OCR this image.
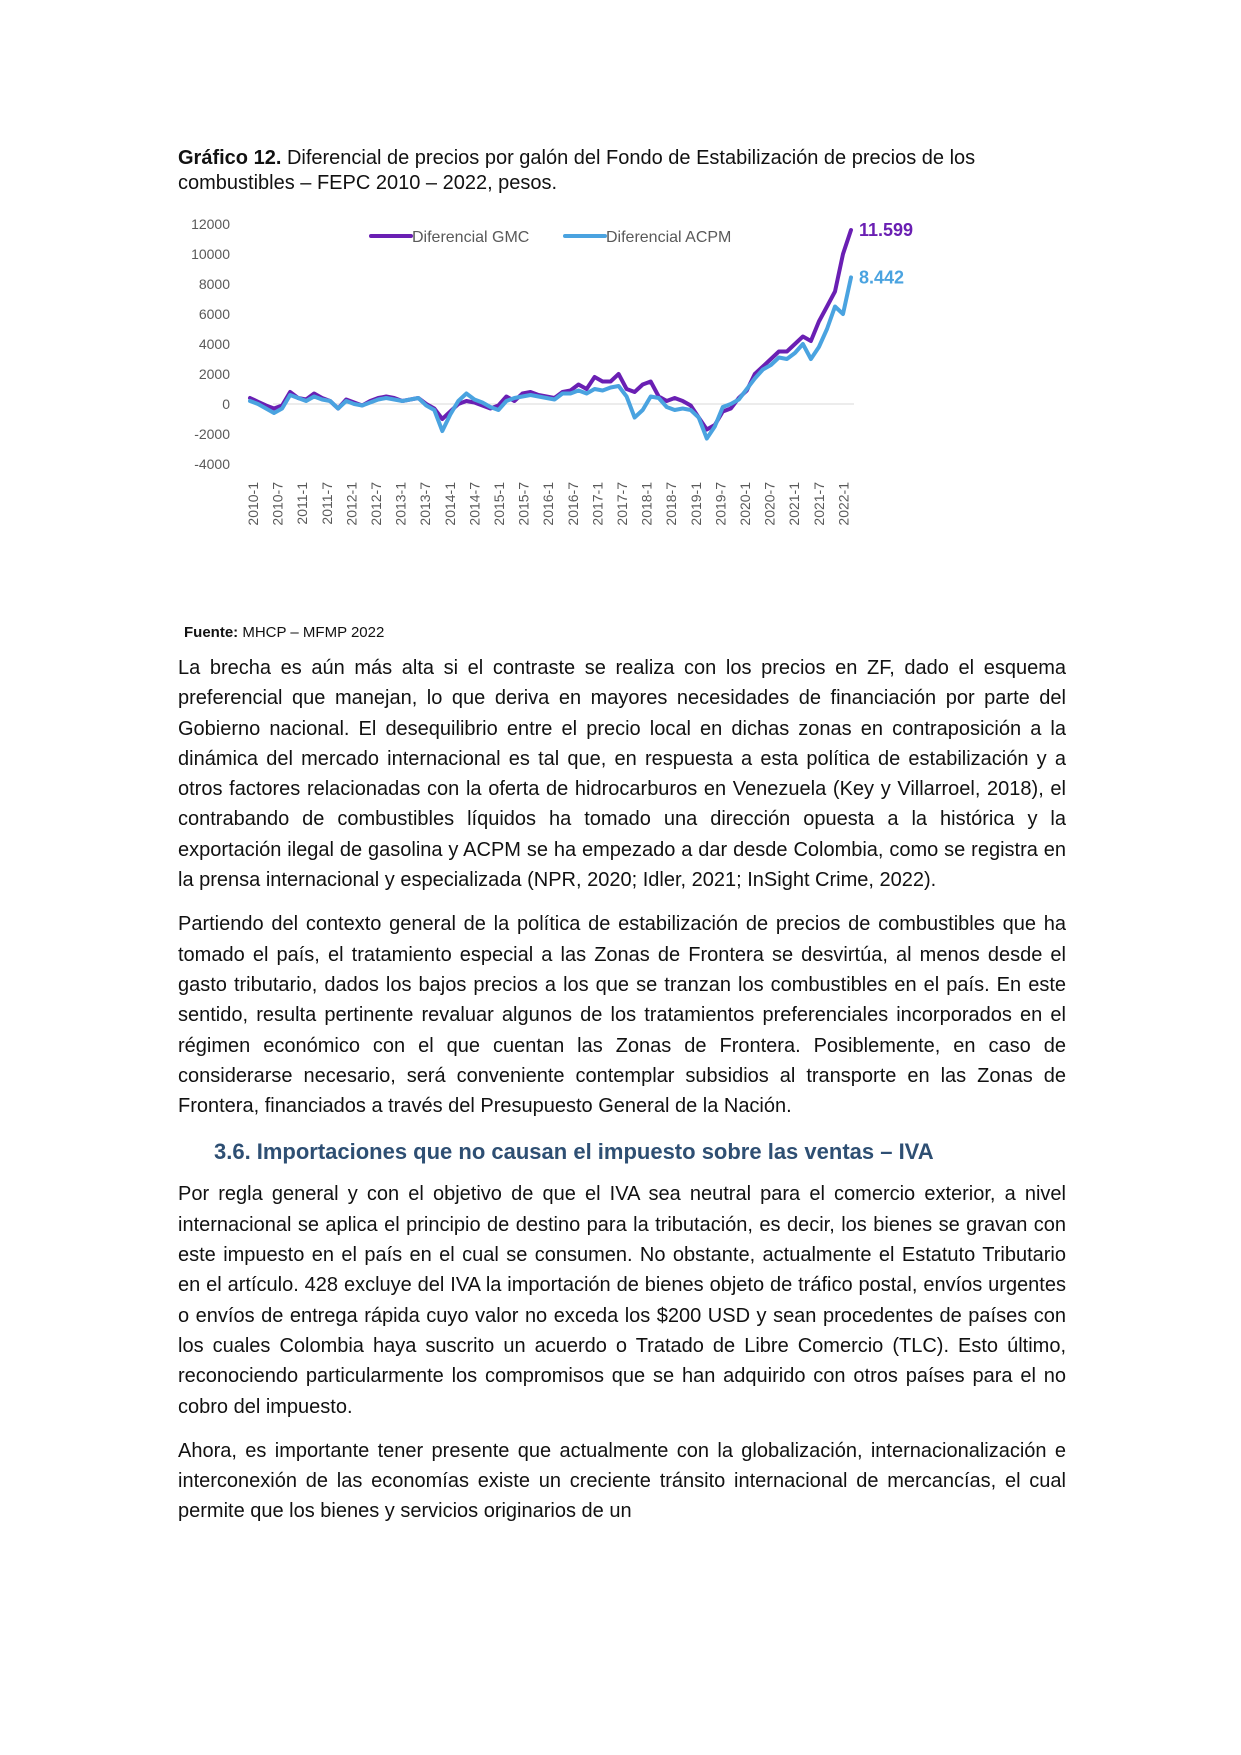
Gráfico 12. Diferencial de precios por galón del Fondo de Estabilización de precios de los combustibles – FEPC 2010 – 2022, pesos.

12000
10000
8000
6000
4000
2000
0
-2000
-4000
2010-1 2010-7 2011-1 2011-7 2012-1 2012-7 2013-1 2013-7 2014-1 2014-7 2015-1 2015-7 2016-1 2016-7 2017-1 2017-7 2018-1 2018-7 2019-1 2019-7 2020-1 2020-7 2021-1 2021-7 2022-1
11.599
8.442
Diferencial GMC	Diferencial ACPM

Fuente: MHCP – MFMP 2022

La brecha es aún más alta si el contraste se realiza con los precios en ZF, dado el esquema preferencial que manejan, lo que deriva en mayores necesidades de financiación por parte del Gobierno nacional. El desequilibrio entre el precio local en dichas zonas en contraposición a la dinámica del mercado internacional es tal que, en respuesta a esta política de estabilización y a otros factores relacionadas con la oferta de hidrocarburos en Venezuela (Key y Villarroel, 2018), el contrabando de combustibles líquidos ha tomado una dirección opuesta a la histórica y la exportación ilegal de gasolina y ACPM se ha empezado a dar desde Colombia, como se registra en la prensa internacional y especializada (NPR, 2020; Idler, 2021; InSight Crime, 2022).

Partiendo del contexto general de la política de estabilización de precios de combustibles que ha tomado el país, el tratamiento especial a las Zonas de Frontera se desvirtúa, al menos desde el gasto tributario, dados los bajos precios a los que se tranzan los combustibles en el país. En este sentido, resulta pertinente revaluar algunos de los tratamientos preferenciales incorporados en el régimen económico con el que cuentan las Zonas de Frontera. Posiblemente, en caso de considerarse necesario, será conveniente contemplar subsidios al transporte en las Zonas de Frontera, financiados a través del Presupuesto General de la Nación.

3.6. Importaciones que no causan el impuesto sobre las ventas – IVA

Por regla general y con el objetivo de que el IVA sea neutral para el comercio exterior, a nivel internacional se aplica el principio de destino para la tributación, es decir, los bienes se gravan con este impuesto en el país en el cual se consumen. No obstante, actualmente el Estatuto Tributario en el artículo. 428 excluye del IVA la importación de bienes objeto de tráfico postal, envíos urgentes o envíos de entrega rápida cuyo valor no exceda los $200 USD y sean procedentes de países con los cuales Colombia haya suscrito un acuerdo o Tratado de Libre Comercio (TLC). Esto último, reconociendo particularmente los compromisos que se han adquirido con otros países para el no cobro del impuesto.

Ahora, es importante tener presente que actualmente con la globalización, internacionalización e interconexión de las economías existe un creciente tránsito internacional de mercancías, el cual permite que los bienes y servicios originarios de un
